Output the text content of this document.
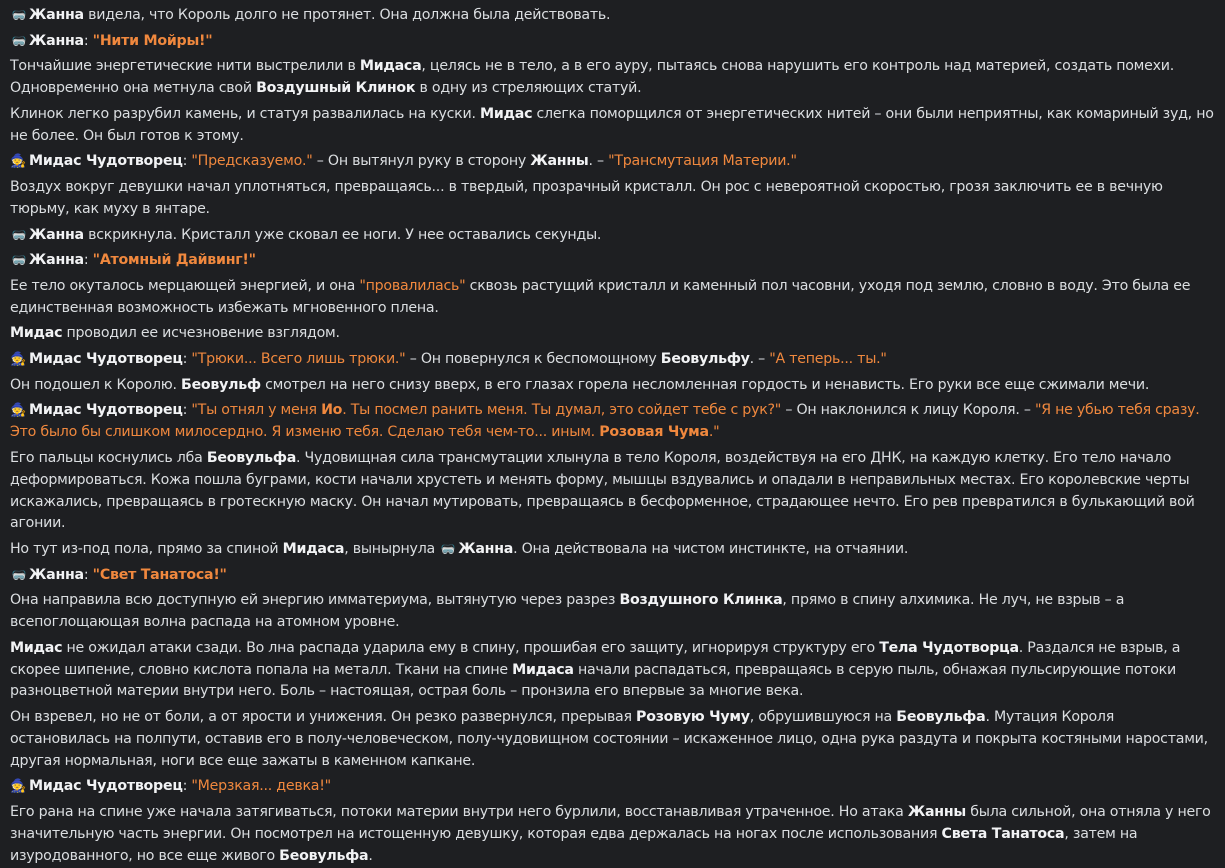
🥽 Жанна видела, что Король долго не протянет. Она должна была действовать.
🥽 Жанна: "Нити Мойры!"
Тончайшие энергетические нити выстрелили в Мидаса, целясь не в тело, а в его ауру, пытаясь снова нарушить его контроль над материей, создать помехи. Одновременно она метнула свой Воздушный Клинок в одну из стреляющих статуй.
Клинок легко разрубил камень, и статуя развалилась на куски. Мидас слегка поморщился от энергетических нитей – они были неприятны, как комариный зуд, но не более. Он был готов к этому.
🧙 Мидас Чудотворец: "Предсказуемо." – Он вытянул руку в сторону Жанны. – "Трансмутация Материи."
Воздух вокруг девушки начал уплотняться, превращаясь... в твердый, прозрачный кристалл. Он рос с невероятной скоростью, грозя заключить ее в вечную тюрьму, как муху в янтаре.
🥽 Жанна вскрикнула. Кристалл уже сковал ее ноги. У нее оставались секунды.
🥽 Жанна: "Атомный Дайвинг!"
Ее тело окуталось мерцающей энергией, и она "провалилась" сквозь растущий кристалл и каменный пол часовни, уходя под землю, словно в воду. Это была ее единственная возможность избежать мгновенного плена.
Мидас проводил ее исчезновение взглядом.
🧙 Мидас Чудотворец: "Трюки... Всего лишь трюки." – Он повернулся к беспомощному Беовульфу. – "А теперь... ты."
Он подошел к Королю. Беовульф смотрел на него снизу вверх, в его глазах горела несломленная гордость и ненависть. Его руки все еще сжимали мечи.
🧙 Мидас Чудотворец: "Ты отнял у меня Ио. Ты посмел ранить меня. Ты думал, это сойдет тебе с рук?" – Он наклонился к лицу Короля. – "Я не убью тебя сразу. Это было бы слишком милосердно. Я изменю тебя. Сделаю тебя чем-то... иным. Розовая Чума."
Его пальцы коснулись лба Беовульфа. Чудовищная сила трансмутации хлынула в тело Короля, воздействуя на его ДНК, на каждую клетку. Его тело начало деформироваться. Кожа пошла буграми, кости начали хрустеть и менять форму, мышцы вздувались и опадали в неправильных местах. Его королевские черты искажались, превращаясь в гротескную маску. Он начал мутировать, превращаясь в бесформенное, страдающее нечто. Его рев превратился в булькающий вой агонии.
Но тут из-под пола, прямо за спиной Мидаса, вынырнула 🥽 Жанна. Она действовала на чистом инстинкте, на отчаянии.
🥽 Жанна: "Свет Танатоса!"
Она направила всю доступную ей энергию имматериума, вытянутую через разрез Воздушного Клинка, прямо в спину алхимика. Не луч, не взрыв – а всепоглощающая волна распада на атомном уровне.
Мидас не ожидал атаки сзади. Во лна распада ударила ему в спину, прошибая его защиту, игнорируя структуру его Тела Чудотворца. Раздался не взрыв, а скорее шипение, словно кислота попала на металл. Ткани на спине Мидаса начали распадаться, превращаясь в серую пыль, обнажая пульсирующие потоки разноцветной материи внутри него. Боль – настоящая, острая боль – пронзила его впервые за многие века.
Он взревел, но не от боли, а от ярости и унижения. Он резко развернулся, прерывая Розовую Чуму, обрушившуюся на Беовульфа. Мутация Короля остановилась на полпути, оставив его в полу-человеческом, полу-чудовищном состоянии – искаженное лицо, одна рука раздута и покрыта костяными наростами, другая нормальная, ноги все еще зажаты в каменном капкане.
🧙 Мидас Чудотворец: "Мерзкая... девка!"
Его рана на спине уже начала затягиваться, потоки материи внутри него бурлили, восстанавливая утраченное. Но атака Жанны была сильной, она отняла у него значительную часть энергии. Он посмотрел на истощенную девушку, которая едва держалась на ногах после использования Света Танатоса, затем на изуродованного, но все еще живого Беовульфа.
